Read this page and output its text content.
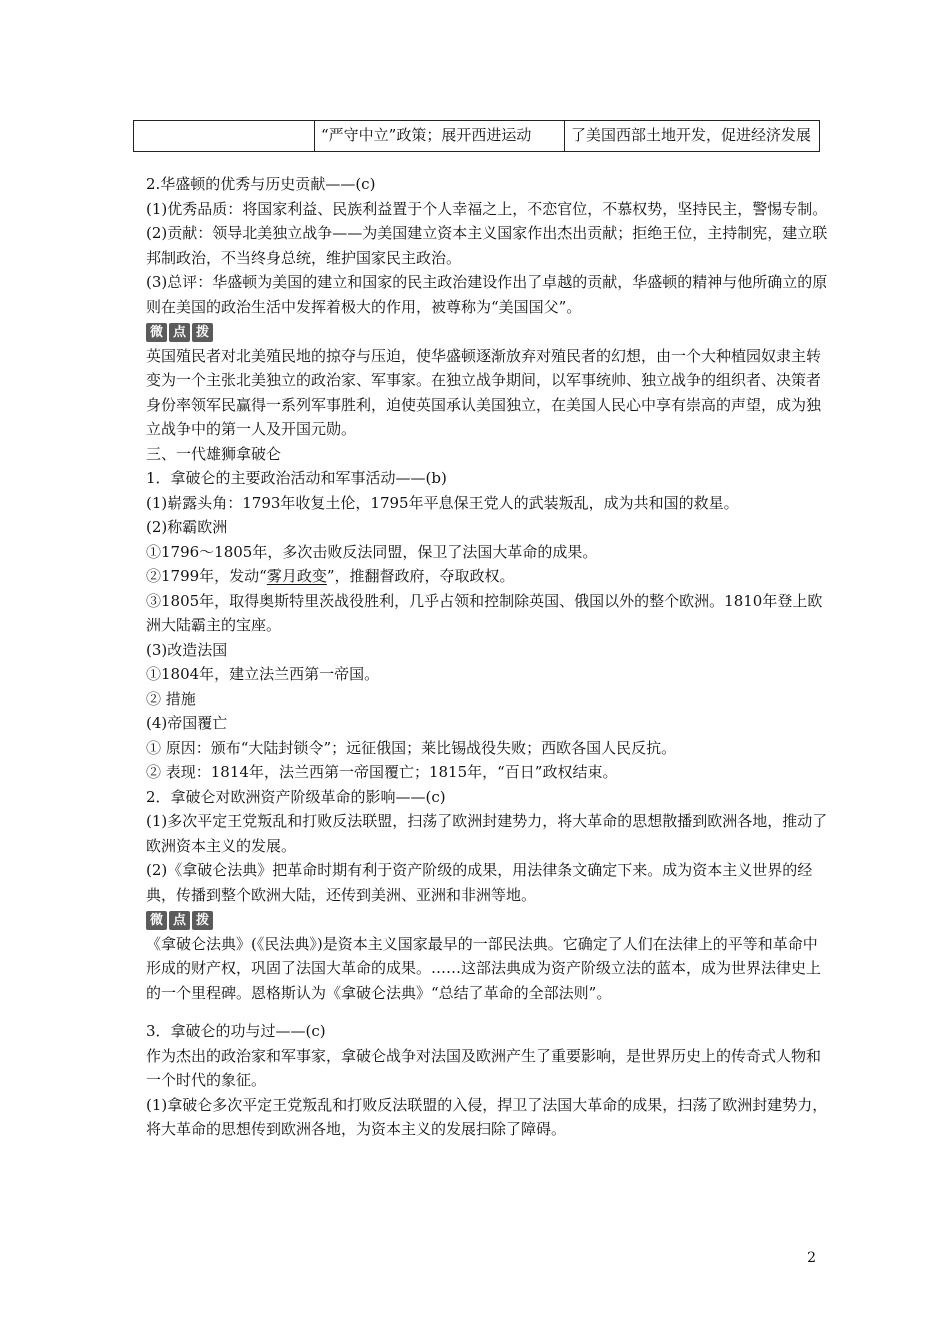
	“严守中立”政策；展开西进运动	了美国西部土地开发，促进经济发展

2.华盛顿的优秀与历史贡献——(c)

(1)优秀品质：将国家利益、民族利益置于个人幸福之上，不恋官位，不慕权势，坚持民主，警惕专制。

(2)贡献：领导北美独立战争——为美国建立资本主义国家作出杰出贡献；拒绝王位，主持制宪，建立联邦制政治，不当终身总统，维护国家民主政治。

(3)总评：华盛顿为美国的建立和国家的民主政治建设作出了卓越的贡献，华盛顿的精神与他所确立的原则在美国的政治生活中发挥着极大的作用，被尊称为“美国国父”。

微 点 拨

英国殖民者对北美殖民地的掠夺与压迫，使华盛顿逐渐放弃对殖民者的幻想，由一个大种植园奴隶主转变为一个主张北美独立的政治家、军事家。在独立战争期间，以军事统帅、独立战争的组织者、决策者身份率领军民赢得一系列军事胜利，迫使英国承认美国独立，在美国人民心中享有崇高的声望，成为独立战争中的第一人及开国元勋。

三、一代雄狮拿破仑

1．拿破仑的主要政治活动和军事活动——(b)

(1)崭露头角：1793年收复土伦，1795年平息保王党人的武装叛乱，成为共和国的救星。

(2)称霸欧洲

①1796～1805年，多次击败反法同盟，保卫了法国大革命的成果。

②1799年，发动“雾月政变”，推翻督政府，夺取政权。

③1805年，取得奥斯特里茨战役胜利，几乎占领和控制除英国、俄国以外的整个欧洲。1810年登上欧洲大陆霸主的宝座。

(3)改造法国

①1804年，建立法兰西第一帝国。

② 措施

(4)帝国覆亡

① 原因：颁布“大陆封锁令”；远征俄国；莱比锡战役失败；西欧各国人民反抗。

② 表现：1814年，法兰西第一帝国覆亡；1815年，“百日”政权结束。

2．拿破仑对欧洲资产阶级革命的影响——(c)

(1)多次平定王党叛乱和打败反法联盟，扫荡了欧洲封建势力，将大革命的思想散播到欧洲各地，推动了欧洲资本主义的发展。

(2)《拿破仑法典》把革命时期有利于资产阶级的成果，用法律条文确定下来。成为资本主义世界的经典，传播到整个欧洲大陆，还传到美洲、亚洲和非洲等地。

微 点 拨

《拿破仑法典》(《民法典》)是资本主义国家最早的一部民法典。它确定了人们在法律上的平等和革命中形成的财产权，巩固了法国大革命的成果。……这部法典成为资产阶级立法的蓝本，成为世界法律史上的一个里程碑。恩格斯认为《拿破仑法典》“总结了革命的全部法则”。

3．拿破仑的功与过——(c)

作为杰出的政治家和军事家，拿破仑战争对法国及欧洲产生了重要影响，是世界历史上的传奇式人物和一个时代的象征。

(1)拿破仑多次平定王党叛乱和打败反法联盟的入侵，捍卫了法国大革命的成果，扫荡了欧洲封建势力，将大革命的思想传到欧洲各地，为资本主义的发展扫除了障碍。

2
